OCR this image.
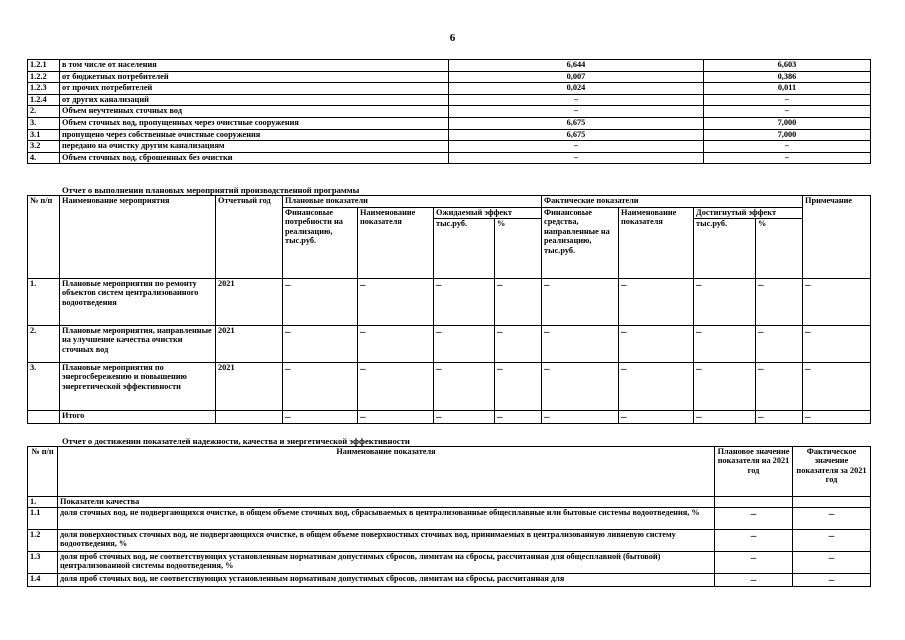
6
1.2.1	в том числе от населения	6,644	6,603
1.2.2	от бюджетных потребителей	0,007	0,386
1.2.3	от прочих потребителей	0,024	0,011
1.2.4	от других канализаций	–	–
2.	Объем неучтенных сточных вод	–	–
3.	Объем сточных вод, пропущенных через очистные сооружения	6,675	7,000
3.1	пропущено через собственные очистные сооружения	6,675	7,000
3.2	передано на очистку другим канализациям	–	–
4.	Объем сточных вод, сброшенных без очистки	–	–
Отчет о выполнении плановых мероприятий производственной программы
№ п/п	Наименование мероприятия	Отчетный год	Плановые показатели				Фактические показатели				Примечание
			Финансовые потребности на реализацию, тыс.руб.	Наименование показателя	Ожидаемый эффект		Финансовые средства, направленные на реализацию, тыс.руб.	Наименование показателя	Достигнутый эффект		
					тыс.руб.	%			тыс.руб.	%	
1.	Плановые мероприятия по ремонту объектов систем централизованного водоотведения	2021	–	–	–	–	–	–	–	–	–
2.	Плановые мероприятия, направленные на улучшение качества очистки сточных вод	2021	–	–	–	–	–	–	–	–	–
3.	Плановые мероприятия по энергосбережению и повышению энергетической эффективности	2021	–	–	–	–	–	–	–	–	–
	Итого		–	–	–	–	–	–	–	–	–
Отчет о достижении показателей надежности, качества и энергетической эффективности
№ п/п	Наименование показателя	Плановое значение показателя на 2021 год	Фактическое значение показателя за 2021 год
1.	Показатели качества		
1.1	доля сточных вод, не подвергающихся очистке, в общем объеме сточных вод, сбрасываемых в централизованные общесплавные или бытовые системы водоотведения, %	–	–
1.2	доля поверхностных сточных вод, не подвергающихся очистке, в общем объеме поверхностных сточных вод, принимаемых в централизованную ливневую систему водоотведения, %	–	–
1.3	доля проб сточных вод, не соответствующих установленным нормативам допустимых сбросов, лимитам на сбросы, рассчитанная для общесплавной (бытовой) централизованной системы водоотведения, %	–	–
1.4	доля проб сточных вод, не соответствующих установленным нормативам допустимых сбросов, лимитам на сбросы, рассчитанная для	–	–
